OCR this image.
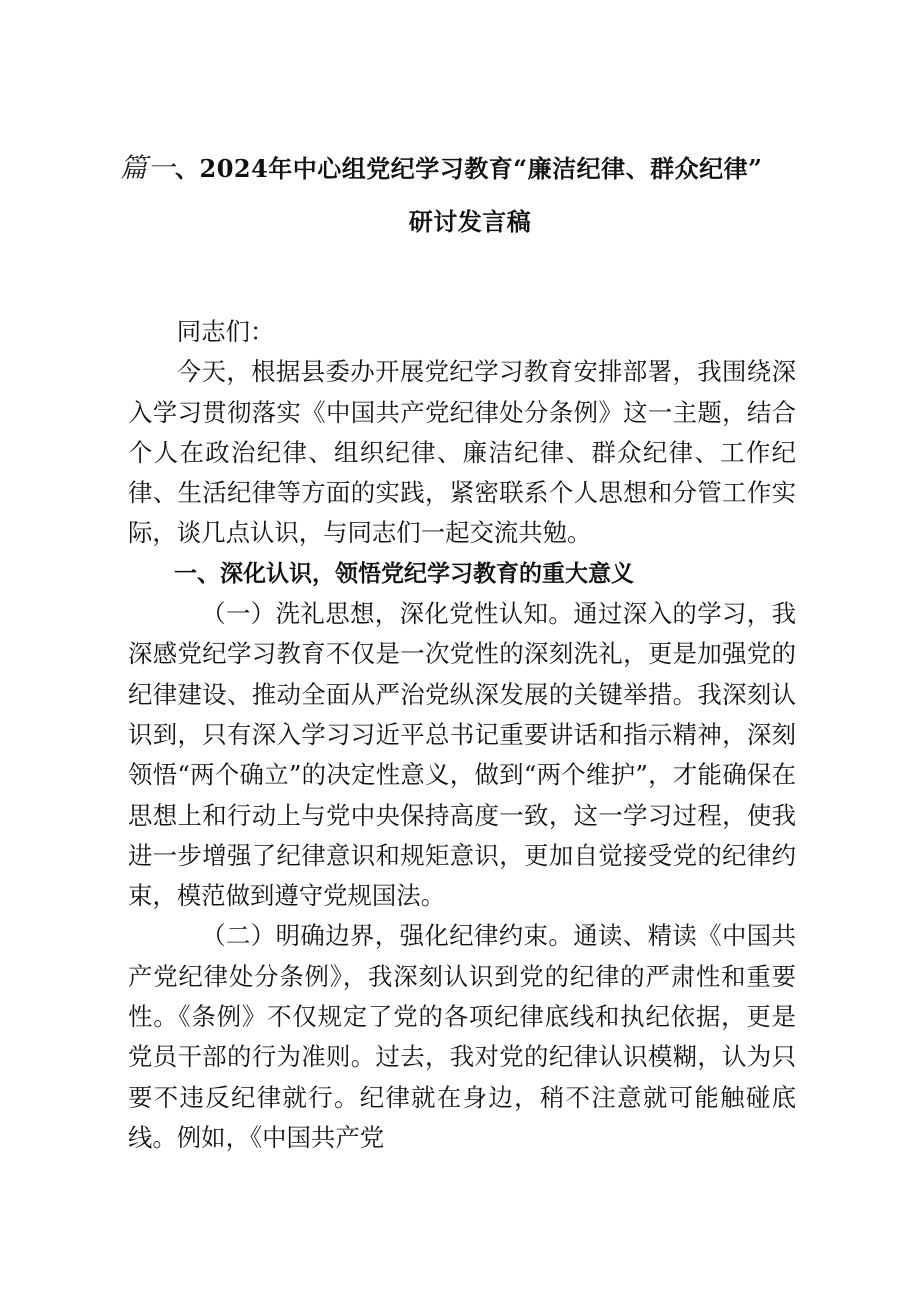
篇一、2024年中心组党纪学习教育“廉洁纪律、群众纪律”
研讨发言稿

同志们：

今天，根据县委办开展党纪学习教育安排部署，我围绕深入学习贯彻落实《中国共产党纪律处分条例》这一主题，结合个人在政治纪律、组织纪律、廉洁纪律、群众纪律、工作纪律、生活纪律等方面的实践，紧密联系个人思想和分管工作实际，谈几点认识，与同志们一起交流共勉。

一、深化认识，领悟党纪学习教育的重大意义

（一）洗礼思想，深化党性认知。通过深入的学习，我深感党纪学习教育不仅是一次党性的深刻洗礼，更是加强党的纪律建设、推动全面从严治党纵深发展的关键举措。我深刻认识到，只有深入学习习近平总书记重要讲话和指示精神，深刻领悟“两个确立”的决定性意义，做到“两个维护”，才能确保在思想上和行动上与党中央保持高度一致，这一学习过程，使我进一步增强了纪律意识和规矩意识，更加自觉接受党的纪律约束，模范做到遵守党规国法。

（二）明确边界，强化纪律约束。通读、精读《中国共产党纪律处分条例》，我深刻认识到党的纪律的严肃性和重要性。《条例》不仅规定了党的各项纪律底线和执纪依据，更是党员干部的行为准则。过去，我对党的纪律认识模糊，认为只要不违反纪律就行。纪律就在身边，稍不注意就可能触碰底线。例如，《中国共产党
